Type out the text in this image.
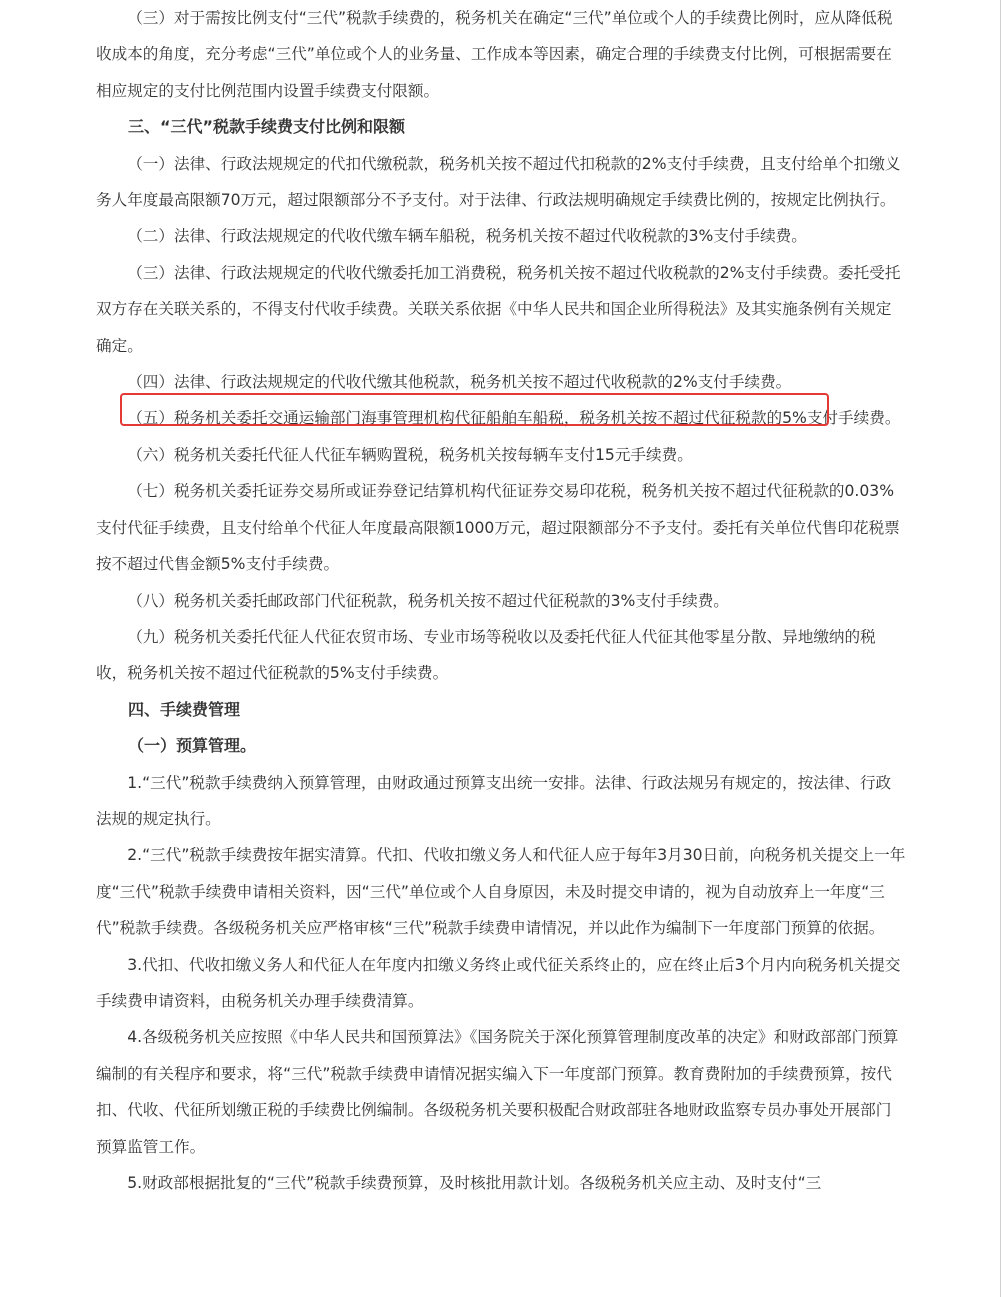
（三）对于需按比例支付“三代”税款手续费的，税务机关在确定“三代”单位或个人的手续费比例时，应从降低税收成本的角度，充分考虑“三代”单位或个人的业务量、工作成本等因素，确定合理的手续费支付比例，可根据需要在相应规定的支付比例范围内设置手续费支付限额。

三、“三代”税款手续费支付比例和限额

（一）法律、行政法规规定的代扣代缴税款，税务机关按不超过代扣税款的2%支付手续费，且支付给单个扣缴义务人年度最高限额70万元，超过限额部分不予支付。对于法律、行政法规明确规定手续费比例的，按规定比例执行。

（二）法律、行政法规规定的代收代缴车辆车船税，税务机关按不超过代收税款的3%支付手续费。

（三）法律、行政法规规定的代收代缴委托加工消费税，税务机关按不超过代收税款的2%支付手续费。委托受托双方存在关联关系的，不得支付代收手续费。关联关系依据《中华人民共和国企业所得税法》及其实施条例有关规定确定。

（四）法律、行政法规规定的代收代缴其他税款，税务机关按不超过代收税款的2%支付手续费。

（五）税务机关委托交通运输部门海事管理机构代征船舶车船税，税务机关按不超过代征税款的5%支付手续费。

（六）税务机关委托代征人代征车辆购置税，税务机关按每辆车支付15元手续费。

（七）税务机关委托证券交易所或证券登记结算机构代征证券交易印花税，税务机关按不超过代征税款的0.03%支付代征手续费，且支付给单个代征人年度最高限额1000万元，超过限额部分不予支付。委托有关单位代售印花税票按不超过代售金额5%支付手续费。

（八）税务机关委托邮政部门代征税款，税务机关按不超过代征税款的3%支付手续费。

（九）税务机关委托代征人代征农贸市场、专业市场等税收以及委托代征人代征其他零星分散、异地缴纳的税收，税务机关按不超过代征税款的5%支付手续费。

四、手续费管理

（一）预算管理。

1.“三代”税款手续费纳入预算管理，由财政通过预算支出统一安排。法律、行政法规另有规定的，按法律、行政法规的规定执行。

2.“三代”税款手续费按年据实清算。代扣、代收扣缴义务人和代征人应于每年3月30日前，向税务机关提交上一年度“三代”税款手续费申请相关资料，因“三代”单位或个人自身原因，未及时提交申请的，视为自动放弃上一年度“三代”税款手续费。各级税务机关应严格审核“三代”税款手续费申请情况，并以此作为编制下一年度部门预算的依据。

3.代扣、代收扣缴义务人和代征人在年度内扣缴义务终止或代征关系终止的，应在终止后3个月内向税务机关提交手续费申请资料，由税务机关办理手续费清算。

4.各级税务机关应按照《中华人民共和国预算法》《国务院关于深化预算管理制度改革的决定》和财政部部门预算编制的有关程序和要求，将“三代”税款手续费申请情况据实编入下一年度部门预算。教育费附加的手续费预算，按代扣、代收、代征所划缴正税的手续费比例编制。各级税务机关要积极配合财政部驻各地财政监察专员办事处开展部门预算监管工作。

5.财政部根据批复的“三代”税款手续费预算，及时核批用款计划。各级税务机关应主动、及时支付“三
